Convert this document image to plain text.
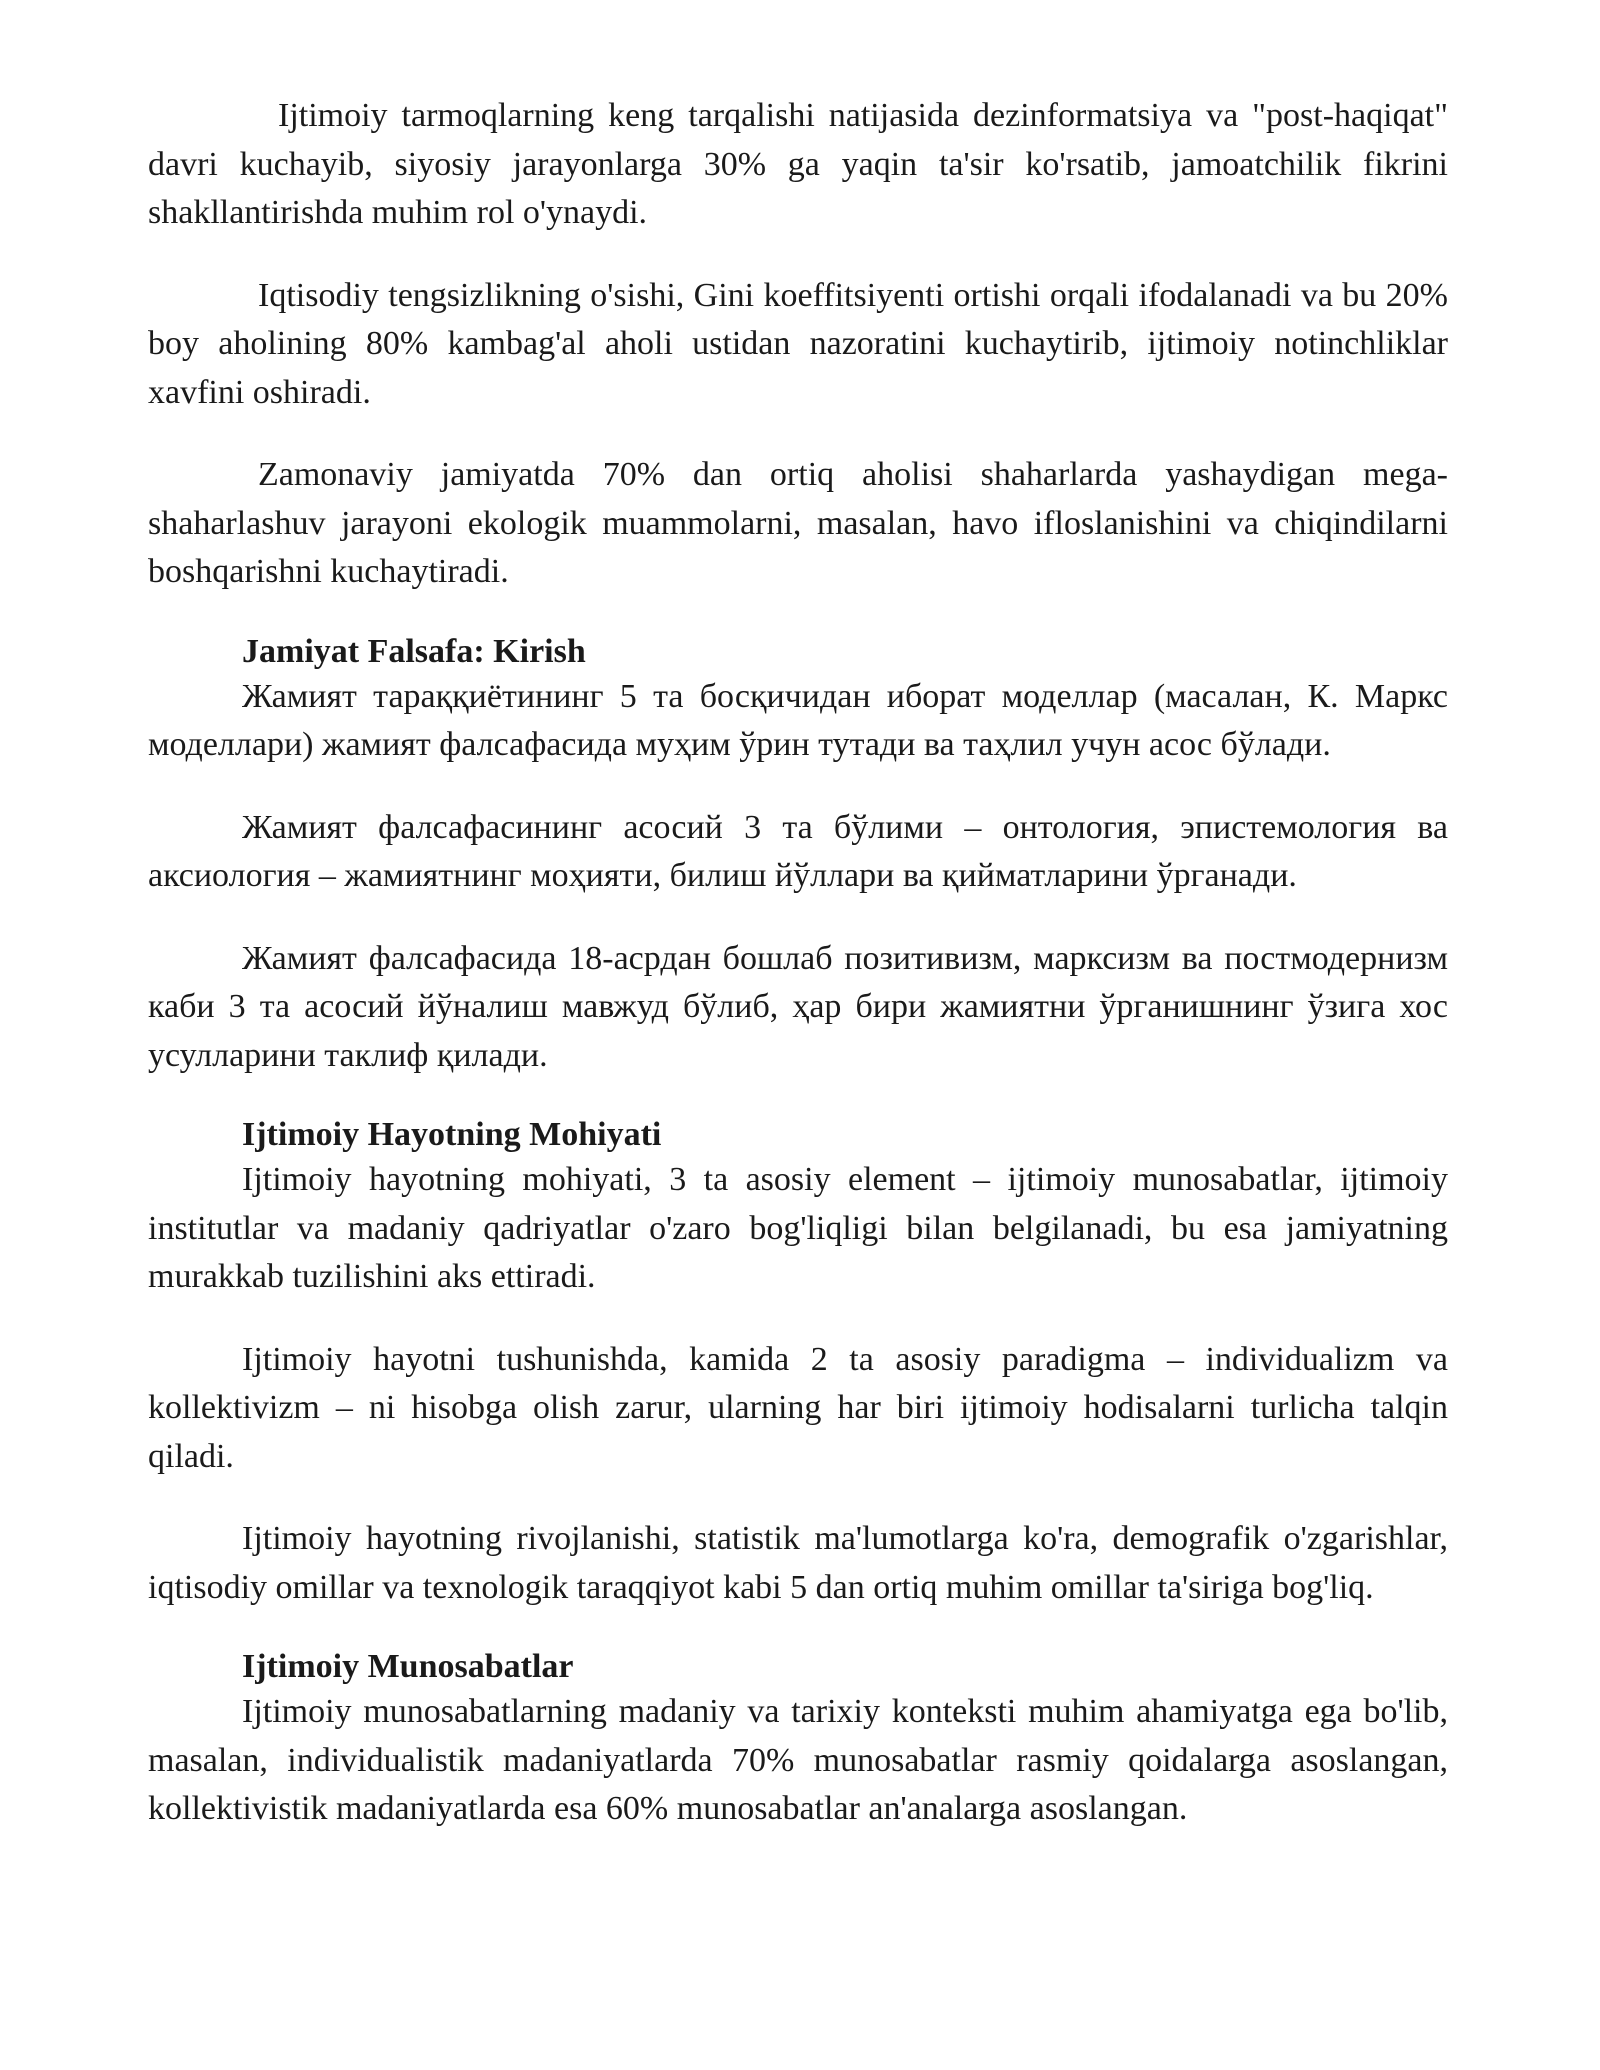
Ijtimoiy tarmoqlarning keng tarqalishi natijasida dezinformatsiya va "post-haqiqat" davri kuchayib, siyosiy jarayonlarga 30% ga yaqin ta'sir ko'rsatib, jamoatchilik fikrini shakllantirishda muhim rol o'ynaydi.

Iqtisodiy tengsizlikning o'sishi, Gini koeffitsiyenti ortishi orqali ifodalanadi va bu 20% boy aholining 80% kambag'al aholi ustidan nazoratini kuchaytirib, ijtimoiy notinchliklar xavfini oshiradi.

Zamonaviy jamiyatda 70% dan ortiq aholisi shaharlarda yashaydigan mega-shaharlashuv jarayoni ekologik muammolarni, masalan, havo ifloslanishini va chiqindilarni boshqarishni kuchaytiradi.

Jamiyat Falsafa: Kirish

Жамият тараққиётининг 5 та босқичидан иборат моделлар (масалан, К. Маркс моделлари) жамият фалсафасида муҳим ўрин тутади ва таҳлил учун асос бўлади.

Жамият фалсафасининг асосий 3 та бўлими – онтология, эпистемология ва аксиология – жамиятнинг моҳияти, билиш йўллари ва қийматларини ўрганади.

Жамият фалсафасида 18-асрдан бошлаб позитивизм, марксизм ва постмодернизм каби 3 та асосий йўналиш мавжуд бўлиб, ҳар бири жамиятни ўрганишнинг ўзига хос усулларини таклиф қилади.

Ijtimoiy Hayotning Mohiyati

Ijtimoiy hayotning mohiyati, 3 ta asosiy element – ijtimoiy munosabatlar, ijtimoiy institutlar va madaniy qadriyatlar o'zaro bog'liqligi bilan belgilanadi, bu esa jamiyatning murakkab tuzilishini aks ettiradi.

Ijtimoiy hayotni tushunishda, kamida 2 ta asosiy paradigma – individualizm va kollektivizm – ni hisobga olish zarur, ularning har biri ijtimoiy hodisalarni turlicha talqin qiladi.

Ijtimoiy hayotning rivojlanishi, statistik ma'lumotlarga ko'ra, demografik o'zgarishlar, iqtisodiy omillar va texnologik taraqqiyot kabi 5 dan ortiq muhim omillar ta'siriga bog'liq.

Ijtimoiy Munosabatlar

Ijtimoiy munosabatlarning madaniy va tarixiy konteksti muhim ahamiyatga ega bo'lib, masalan, individualistik madaniyatlarda 70% munosabatlar rasmiy qoidalarga asoslangan, kollektivistik madaniyatlarda esa 60% munosabatlar an'analarga asoslangan.
